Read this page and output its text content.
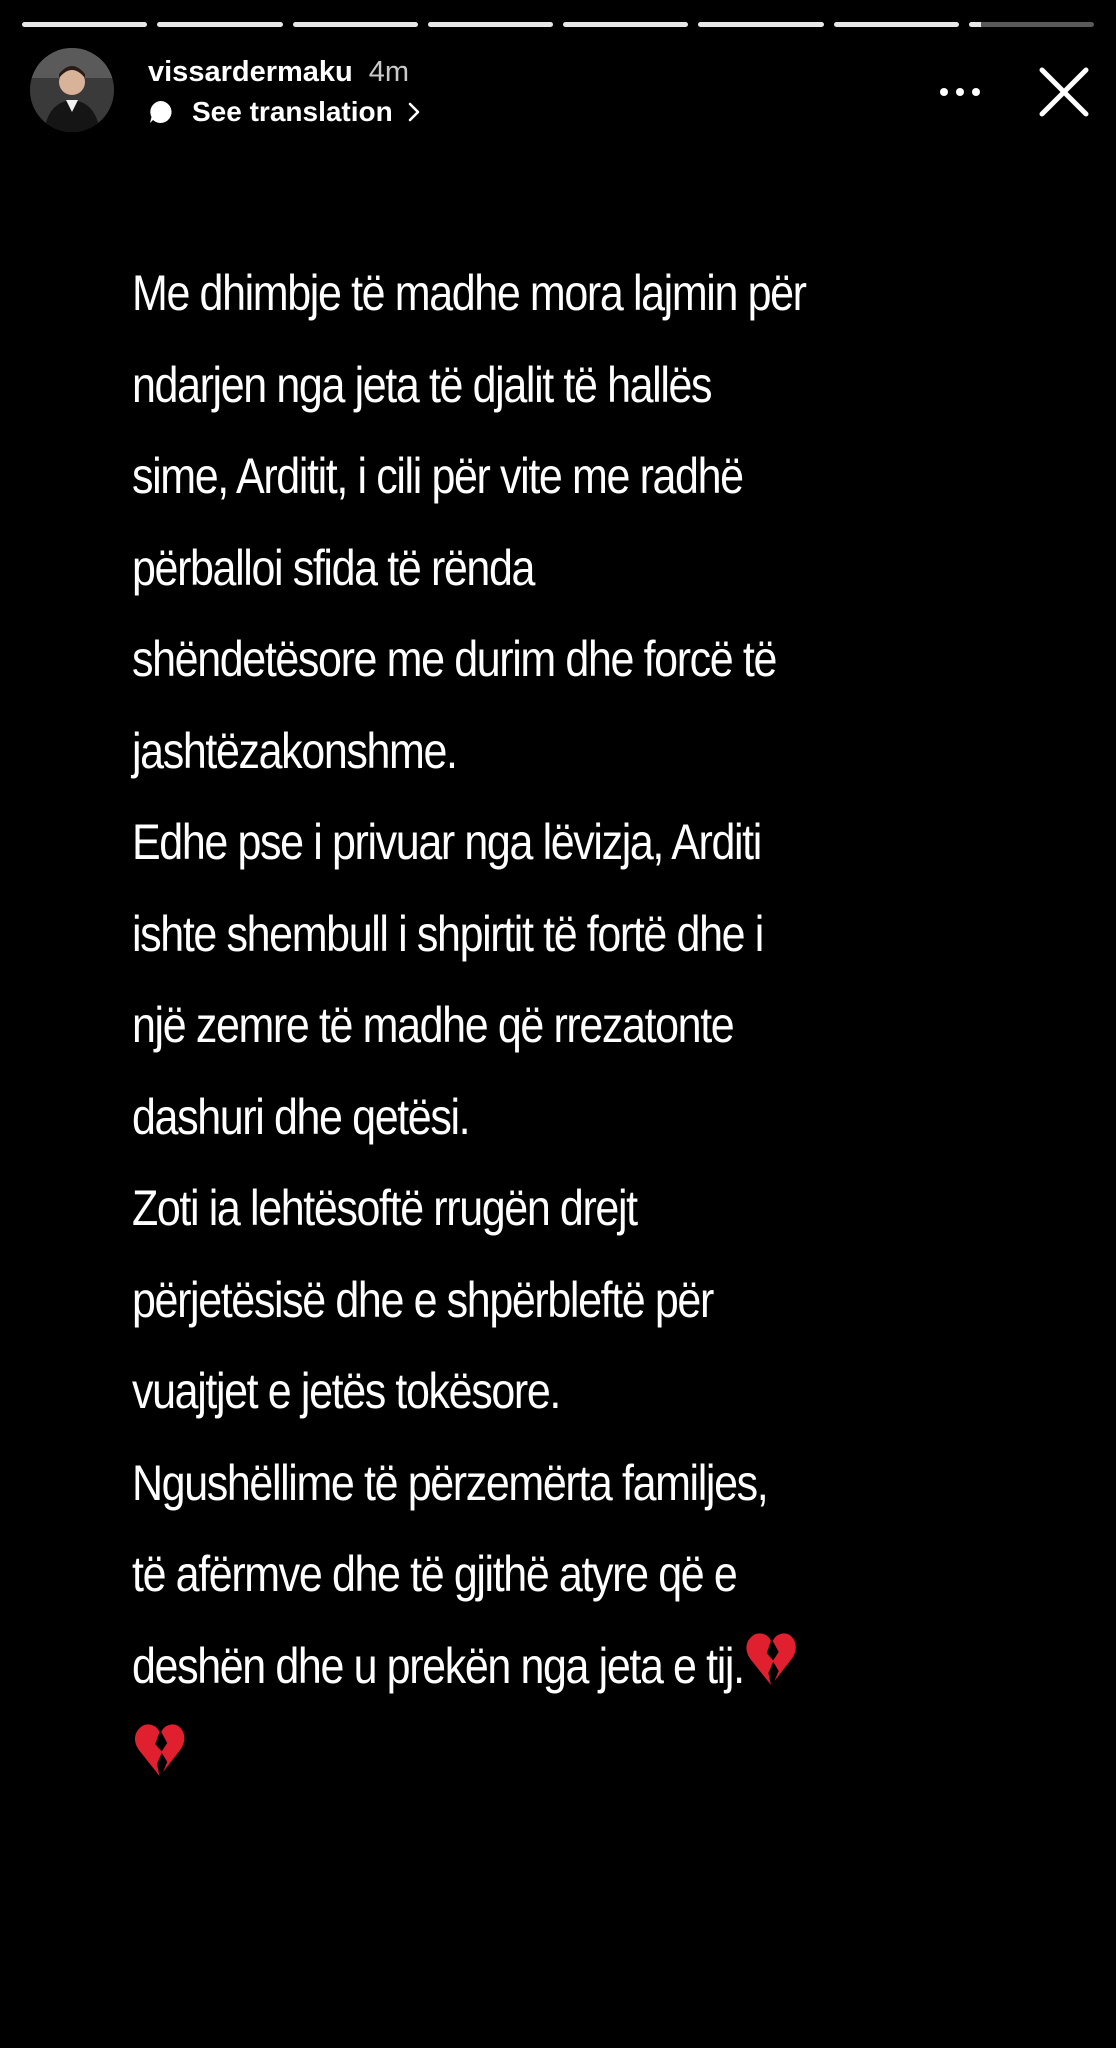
vissardermaku 4m
See translation
Me dhimbje të madhe mora lajmin për
ndarjen nga jeta të djalit të hallës
sime, Arditit, i cili për vite me radhë
përballoi sfida të rënda
shëndetësore me durim dhe forcë të
jashtëzakonshme.
Edhe pse i privuar nga lëvizja, Arditi
ishte shembull i shpirtit të fortë dhe i
një zemre të madhe që rrezatonte
dashuri dhe qetësi.
Zoti ia lehtësoftë rrugën drejt
përjetësisë dhe e shpërbleftë për
vuajtjet e jetës tokësore.
Ngushëllime të përzemërta familjes,
të afërmve dhe të gjithë atyre që e
deshën dhe u prekën nga jeta e tij.
